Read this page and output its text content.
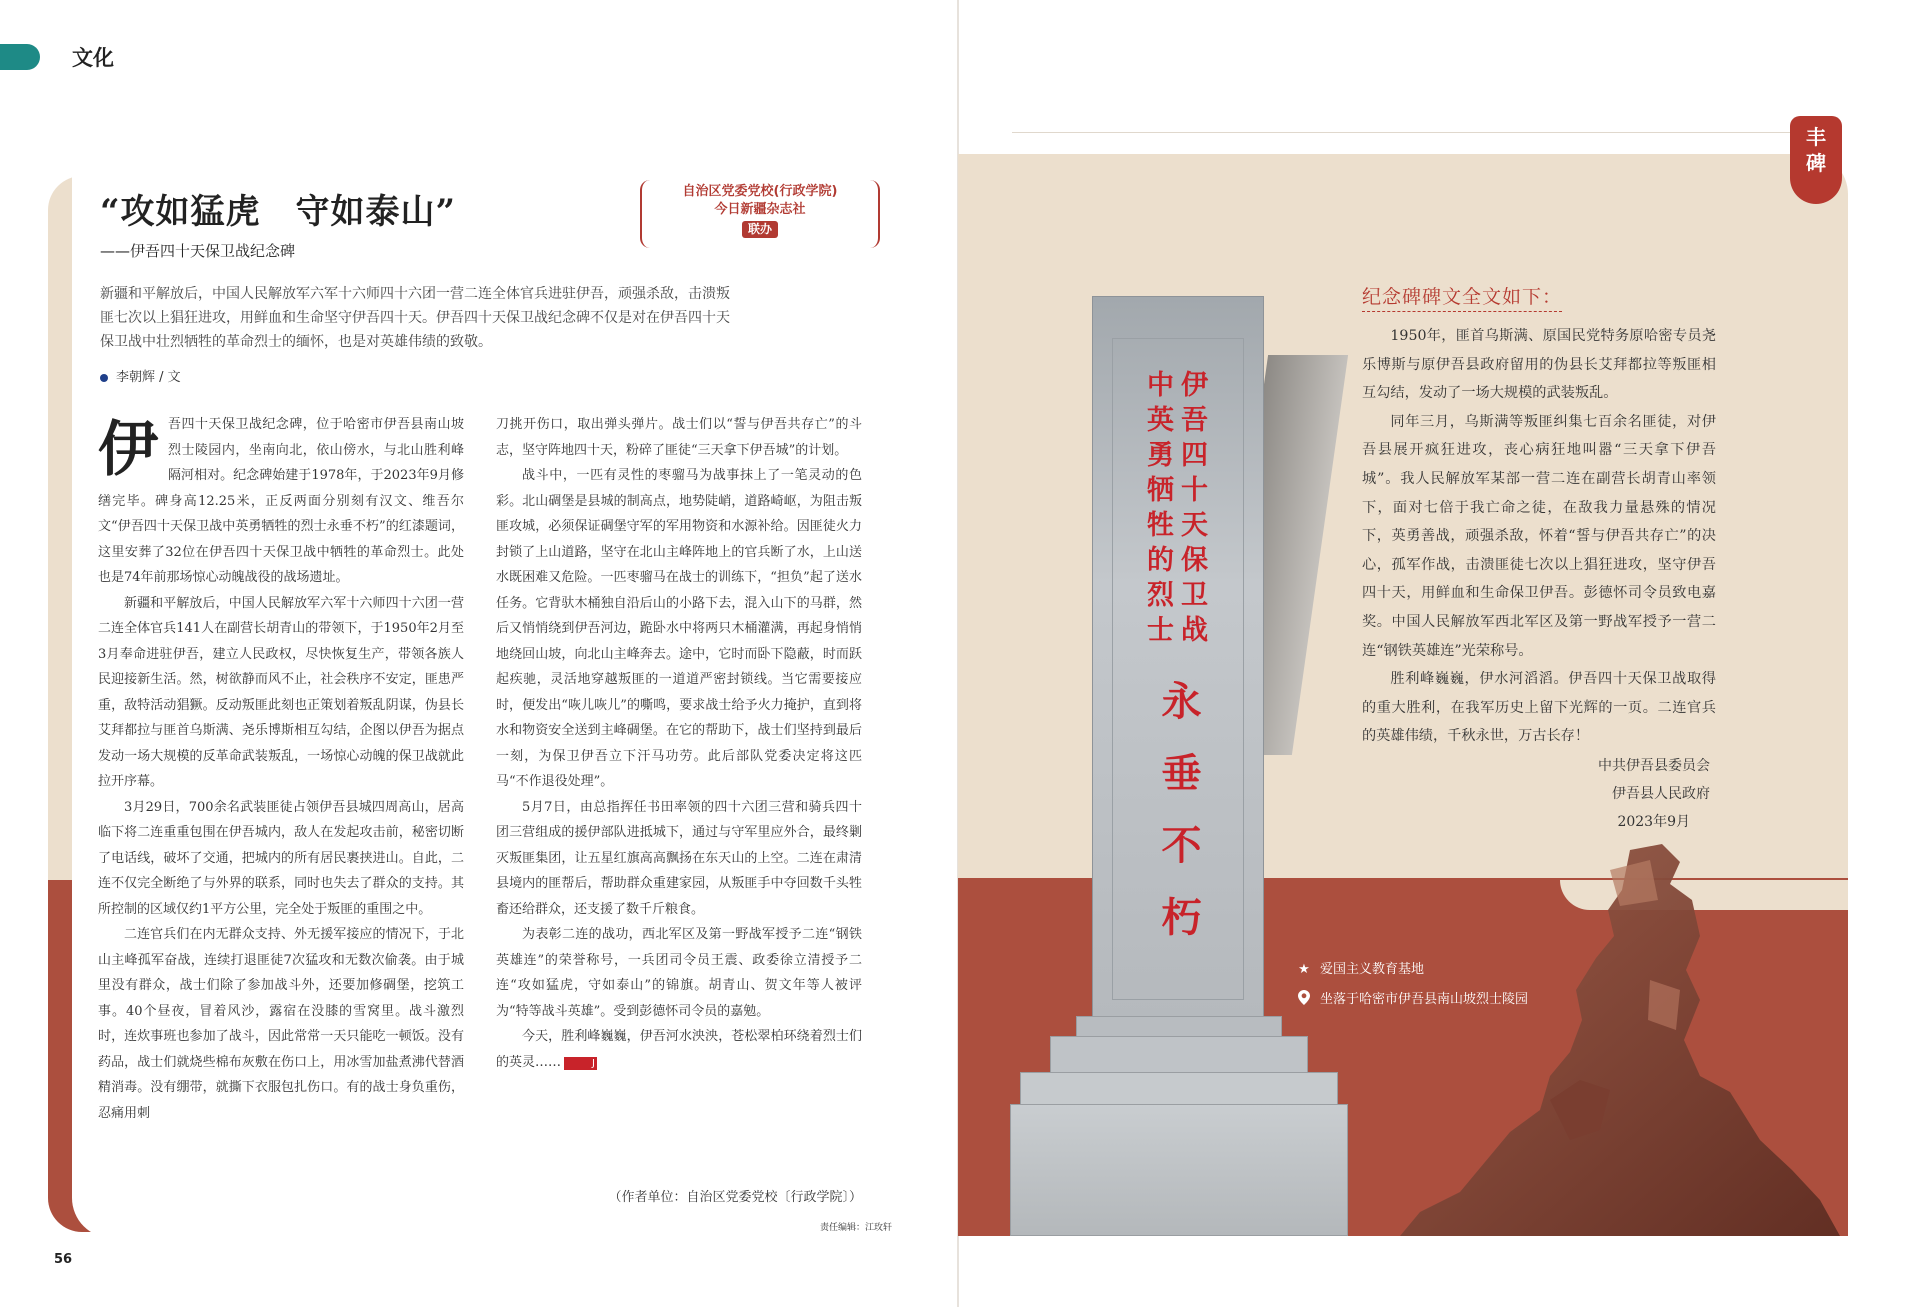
文化
“攻如猛虎　守如泰山”
——伊吾四十天保卫战纪念碑
自治区党委党校(行政学院)
今日新疆杂志社
联办
新疆和平解放后，中国人民解放军六军十六师四十六团一营二连全体官兵进驻伊吾，顽强杀敌，击溃叛匪七次以上猖狂进攻，用鲜血和生命坚守伊吾四十天。伊吾四十天保卫战纪念碑不仅是对在伊吾四十天保卫战中壮烈牺牲的革命烈士的缅怀，也是对英雄伟绩的致敬。
李朝辉 / 文
伊 吾四十天保卫战纪念碑，位于哈密市伊吾县南山坡烈士陵园内，坐南向北，依山傍水，与北山胜利峰隔河相对。纪念碑始建于1978年，于2023年9月修缮完毕。碑身高12.25米，正反两面分别刻有汉文、维吾尔文“伊吾四十天保卫战中英勇牺牲的烈士永垂不朽”的红漆题词，这里安葬了32位在伊吾四十天保卫战中牺牲的革命烈士。此处也是74年前那场惊心动魄战役的战场遗址。

新疆和平解放后，中国人民解放军六军十六师四十六团一营二连全体官兵141人在副营长胡青山的带领下，于1950年2月至3月奉命进驻伊吾，建立人民政权，尽快恢复生产，带领各族人民迎接新生活。然，树欲静而风不止，社会秩序不安定，匪患严重，敌特活动猖獗。反动叛匪此刻也正策划着叛乱阴谋，伪县长艾拜都拉与匪首乌斯满、尧乐博斯相互勾结，企图以伊吾为据点发动一场大规模的反革命武装叛乱，一场惊心动魄的保卫战就此拉开序幕。

3月29日，700余名武装匪徒占领伊吾县城四周高山，居高临下将二连重重包围在伊吾城内，敌人在发起攻击前，秘密切断了电话线，破坏了交通，把城内的所有居民裹挟进山。自此，二连不仅完全断绝了与外界的联系，同时也失去了群众的支持。其所控制的区域仅约1平方公里，完全处于叛匪的重围之中。

二连官兵们在内无群众支持、外无援军接应的情况下，于北山主峰孤军奋战，连续打退匪徒7次猛攻和无数次偷袭。由于城里没有群众，战士们除了参加战斗外，还要加修碉堡，挖筑工事。40个昼夜，冒着风沙，露宿在没膝的雪窝里。战斗激烈时，连炊事班也参加了战斗，因此常常一天只能吃一顿饭。没有药品，战士们就烧些棉布灰敷在伤口上，用冰雪加盐煮沸代替酒精消毒。没有绷带，就撕下衣服包扎伤口。有的战士身负重伤，忍痛用刺

刀挑开伤口，取出弹头弹片。战士们以“誓与伊吾共存亡”的斗志，坚守阵地四十天，粉碎了匪徒“三天拿下伊吾城”的计划。

战斗中，一匹有灵性的枣骝马为战事抹上了一笔灵动的色彩。北山碉堡是县城的制高点，地势陡峭，道路崎岖，为阻击叛匪攻城，必须保证碉堡守军的军用物资和水源补给。因匪徒火力封锁了上山道路，坚守在北山主峰阵地上的官兵断了水，上山送水既困难又危险。一匹枣骝马在战士的训练下，“担负”起了送水任务。它背驮木桶独自沿后山的小路下去，混入山下的马群，然后又悄悄绕到伊吾河边，跪卧水中将两只木桶灌满，再起身悄悄地绕回山坡，向北山主峰奔去。途中，它时而卧下隐蔽，时而跃起疾驰，灵活地穿越叛匪的一道道严密封锁线。当它需要接应时，便发出“咴儿咴儿”的嘶鸣，要求战士给予火力掩护，直到将水和物资安全送到主峰碉堡。在它的帮助下，战士们坚持到最后一刻，为保卫伊吾立下汗马功劳。此后部队党委决定将这匹马“不作退役处理”。

5月7日，由总指挥任书田率领的四十六团三营和骑兵四十团三营组成的援伊部队进抵城下，通过与守军里应外合，最终剿灭叛匪集团，让五星红旗高高飘扬在东天山的上空。二连在肃清县境内的匪帮后，帮助群众重建家园，从叛匪手中夺回数千头牲畜还给群众，还支援了数千斤粮食。

为表彰二连的战功，西北军区及第一野战军授予二连“钢铁英雄连”的荣誉称号，一兵团司令员王震、政委徐立清授予二连“攻如猛虎，守如泰山”的锦旗。胡青山、贺文年等人被评为“特等战斗英雄”。受到彭德怀司令员的嘉勉。

今天，胜利峰巍巍，伊吾河水泱泱，苍松翠柏环绕着烈士们的英灵……	J

（作者单位：自治区党委党校〔行政学院〕）
责任编辑：江玫轩
56
丰
碑
伊吾四十天保卫战
中英勇牺牲的烈士
永垂不朽
纪念碑碑文全文如下：

1950年，匪首乌斯满、原国民党特务原哈密专员尧乐博斯与原伊吾县政府留用的伪县长艾拜都拉等叛匪相互勾结，发动了一场大规模的武装叛乱。

同年三月，乌斯满等叛匪纠集七百余名匪徒，对伊吾县展开疯狂进攻，丧心病狂地叫嚣“三天拿下伊吾城”。我人民解放军某部一营二连在副营长胡青山率领下，面对七倍于我亡命之徒，在敌我力量悬殊的情况下，英勇善战，顽强杀敌，怀着“誓与伊吾共存亡”的决心，孤军作战，击溃匪徒七次以上猖狂进攻，坚守伊吾四十天，用鲜血和生命保卫伊吾。彭德怀司令员致电嘉奖。中国人民解放军西北军区及第一野战军授予一营二连“钢铁英雄连”光荣称号。

胜利峰巍巍，伊水河滔滔。伊吾四十天保卫战取得的重大胜利，在我军历史上留下光辉的一页。二连官兵的英雄伟绩，千秋永世，万古长存！

中共伊吾县委员会
伊吾县人民政府
2023年9月
★ 爱国主义教育基地
坐落于哈密市伊吾县南山坡烈士陵园
